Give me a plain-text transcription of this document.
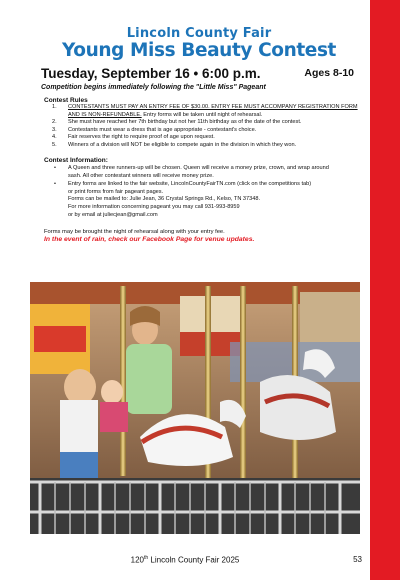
Lincoln County Fair
Young Miss Beauty Contest
Tuesday, September 16 • 6:00 p.m.	Ages 8-10
Competition begins immediately following the "Little Miss" Pageant
Contest Rules
1. CONTESTANTS MUST PAY AN ENTRY FEE OF $30.00. ENTRY FEE MUST ACCOMPANY REGISTRATION FORM AND IS NON-REFUNDABLE. Entry forms will be taken until night of rehearsal.
2. She must have reached her 7th birthday but not her 11th birthday as of the date of the contest.
3. Contestants must wear a dress that is age appropriate - contestant's choice.
4. Fair reserves the right to require proof of age upon request.
5. Winners of a division will NOT be eligible to compete again in the division in which they won.
Contest Information:
• A Queen and three runners-up will be chosen. Queen will receive a money prize, crown, and wrap around
sash. All other contestant winners will receive money prize.
• Entry forms are linked to the fair website, LincolnCountyFairTN.com (click on the competitions tab)
or print forms from fair pageant pages.
Forms can be mailed to: Julie Jean, 36 Crystal Springs Rd., Kelso, TN 37348.
For more information concerning pageant you may call 931-993-8959
or by email at juliecjean@gmail.com
Forms may be brought the night of rehearsal along with your entry fee.
In the event of rain, check our Facebook Page for venue updates.
120th Lincoln County Fair 2025	53
